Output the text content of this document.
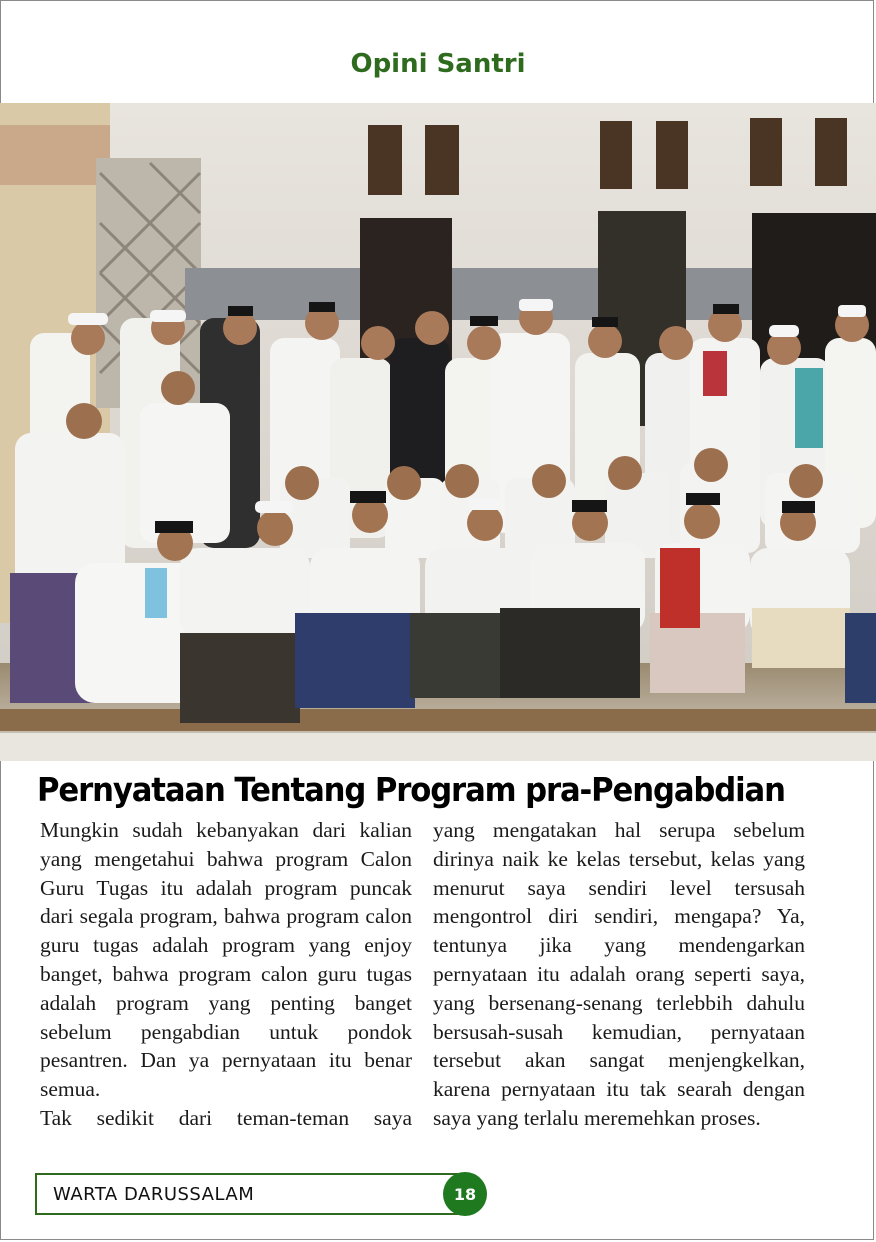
Opini Santri
Pernyataan Tentang Program pra-Pengabdian

Mungkin sudah kebanyakan dari kalian yang mengetahui bahwa program Calon Guru Tugas itu adalah program puncak dari segala program, bahwa program calon guru tugas adalah program yang enjoy banget, bahwa program calon guru tugas adalah program yang penting banget sebelum pengabdian untuk pondok pesantren. Dan ya pernyataan itu benar semua.

Tak sedikit dari teman-teman saya

yang mengatakan hal serupa sebelum dirinya naik ke kelas tersebut, kelas yang menurut saya sendiri level tersusah mengontrol diri sendiri, mengapa? Ya, tentunya jika yang mendengarkan pernyataan itu adalah orang seperti saya, yang bersenang-senang terlebbih dahulu bersusah-susah kemudian, pernyataan tersebut akan sangat menjengkelkan, karena pernyataan itu tak searah dengan saya yang terlalu meremehkan proses.

WARTA DARUSSALAM	18
